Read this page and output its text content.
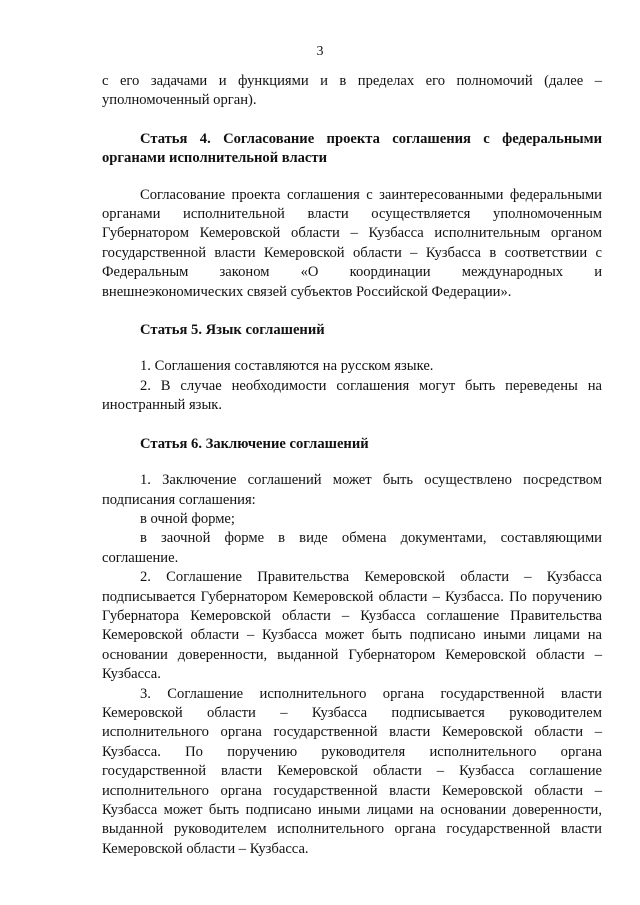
3

с его задачами и функциями и в пределах его полномочий (далее – уполномоченный орган).

Статья 4. Согласование проекта соглашения с федеральными органами исполнительной власти

Согласование проекта соглашения с заинтересованными федеральными органами исполнительной власти осуществляется уполномоченным Губернатором Кемеровской области – Кузбасса исполнительным органом государственной власти Кемеровской области – Кузбасса в соответствии с Федеральным законом «О координации международных и внешнеэкономических связей субъектов Российской Федерации».

Статья 5. Язык соглашений

1. Соглашения составляются на русском языке.

2. В случае необходимости соглашения могут быть переведены на иностранный язык.

Статья 6. Заключение соглашений

1. Заключение соглашений может быть осуществлено посредством подписания соглашения:

в очной форме;

в заочной форме в виде обмена документами, составляющими соглашение.

2. Соглашение Правительства Кемеровской области – Кузбасса подписывается Губернатором Кемеровской области – Кузбасса. По поручению Губернатора Кемеровской области – Кузбасса соглашение Правительства Кемеровской области – Кузбасса может быть подписано иными лицами на основании доверенности, выданной Губернатором Кемеровской области – Кузбасса.

3. Соглашение исполнительного органа государственной власти Кемеровской области – Кузбасса подписывается руководителем исполнительного органа государственной власти Кемеровской области – Кузбасса. По поручению руководителя исполнительного органа государственной власти Кемеровской области – Кузбасса соглашение исполнительного органа государственной власти Кемеровской области – Кузбасса может быть подписано иными лицами на основании доверенности, выданной руководителем исполнительного органа государственной власти Кемеровской области – Кузбасса.
